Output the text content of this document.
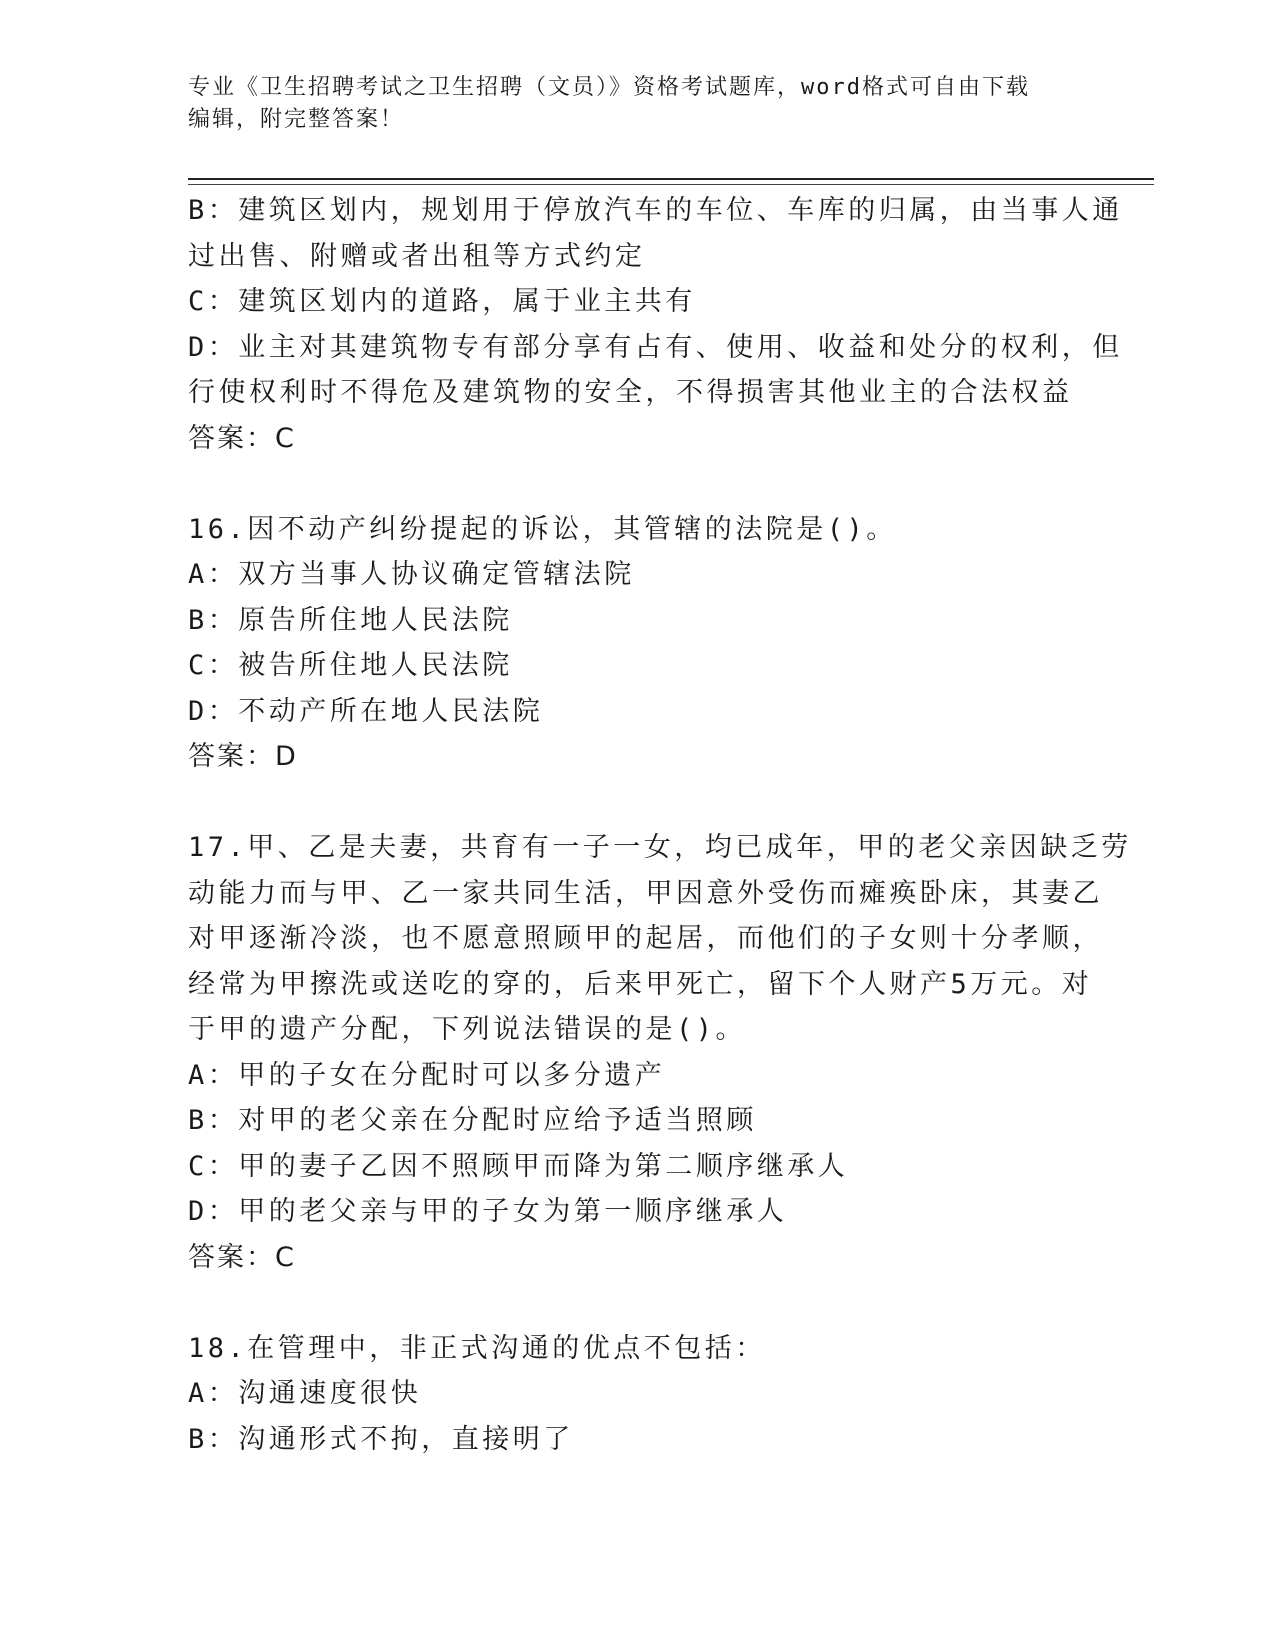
专业《卫生招聘考试之卫生招聘（文员）》资格考试题库，word格式可自由下载
编辑，附完整答案！
B：建筑区划内，规划用于停放汽车的车位、车库的归属，由当事人通
过出售、附赠或者出租等方式约定
C：建筑区划内的道路，属于业主共有
D：业主对其建筑物专有部分享有占有、使用、收益和处分的权利，但
行使权利时不得危及建筑物的安全，不得损害其他业主的合法权益
答案：C
16.因不动产纠纷提起的诉讼，其管辖的法院是()。
A：双方当事人协议确定管辖法院
B：原告所住地人民法院
C：被告所住地人民法院
D：不动产所在地人民法院
答案：D
17.甲、乙是夫妻，共育有一子一女，均已成年，甲的老父亲因缺乏劳
动能力而与甲、乙一家共同生活，甲因意外受伤而瘫痪卧床，其妻乙
对甲逐渐冷淡，也不愿意照顾甲的起居，而他们的子女则十分孝顺，
经常为甲擦洗或送吃的穿的，后来甲死亡，留下个人财产5万元。对
于甲的遗产分配，下列说法错误的是()。
A：甲的子女在分配时可以多分遗产
B：对甲的老父亲在分配时应给予适当照顾
C：甲的妻子乙因不照顾甲而降为第二顺序继承人
D：甲的老父亲与甲的子女为第一顺序继承人
答案：C
18.在管理中，非正式沟通的优点不包括：
A：沟通速度很快
B：沟通形式不拘，直接明了
